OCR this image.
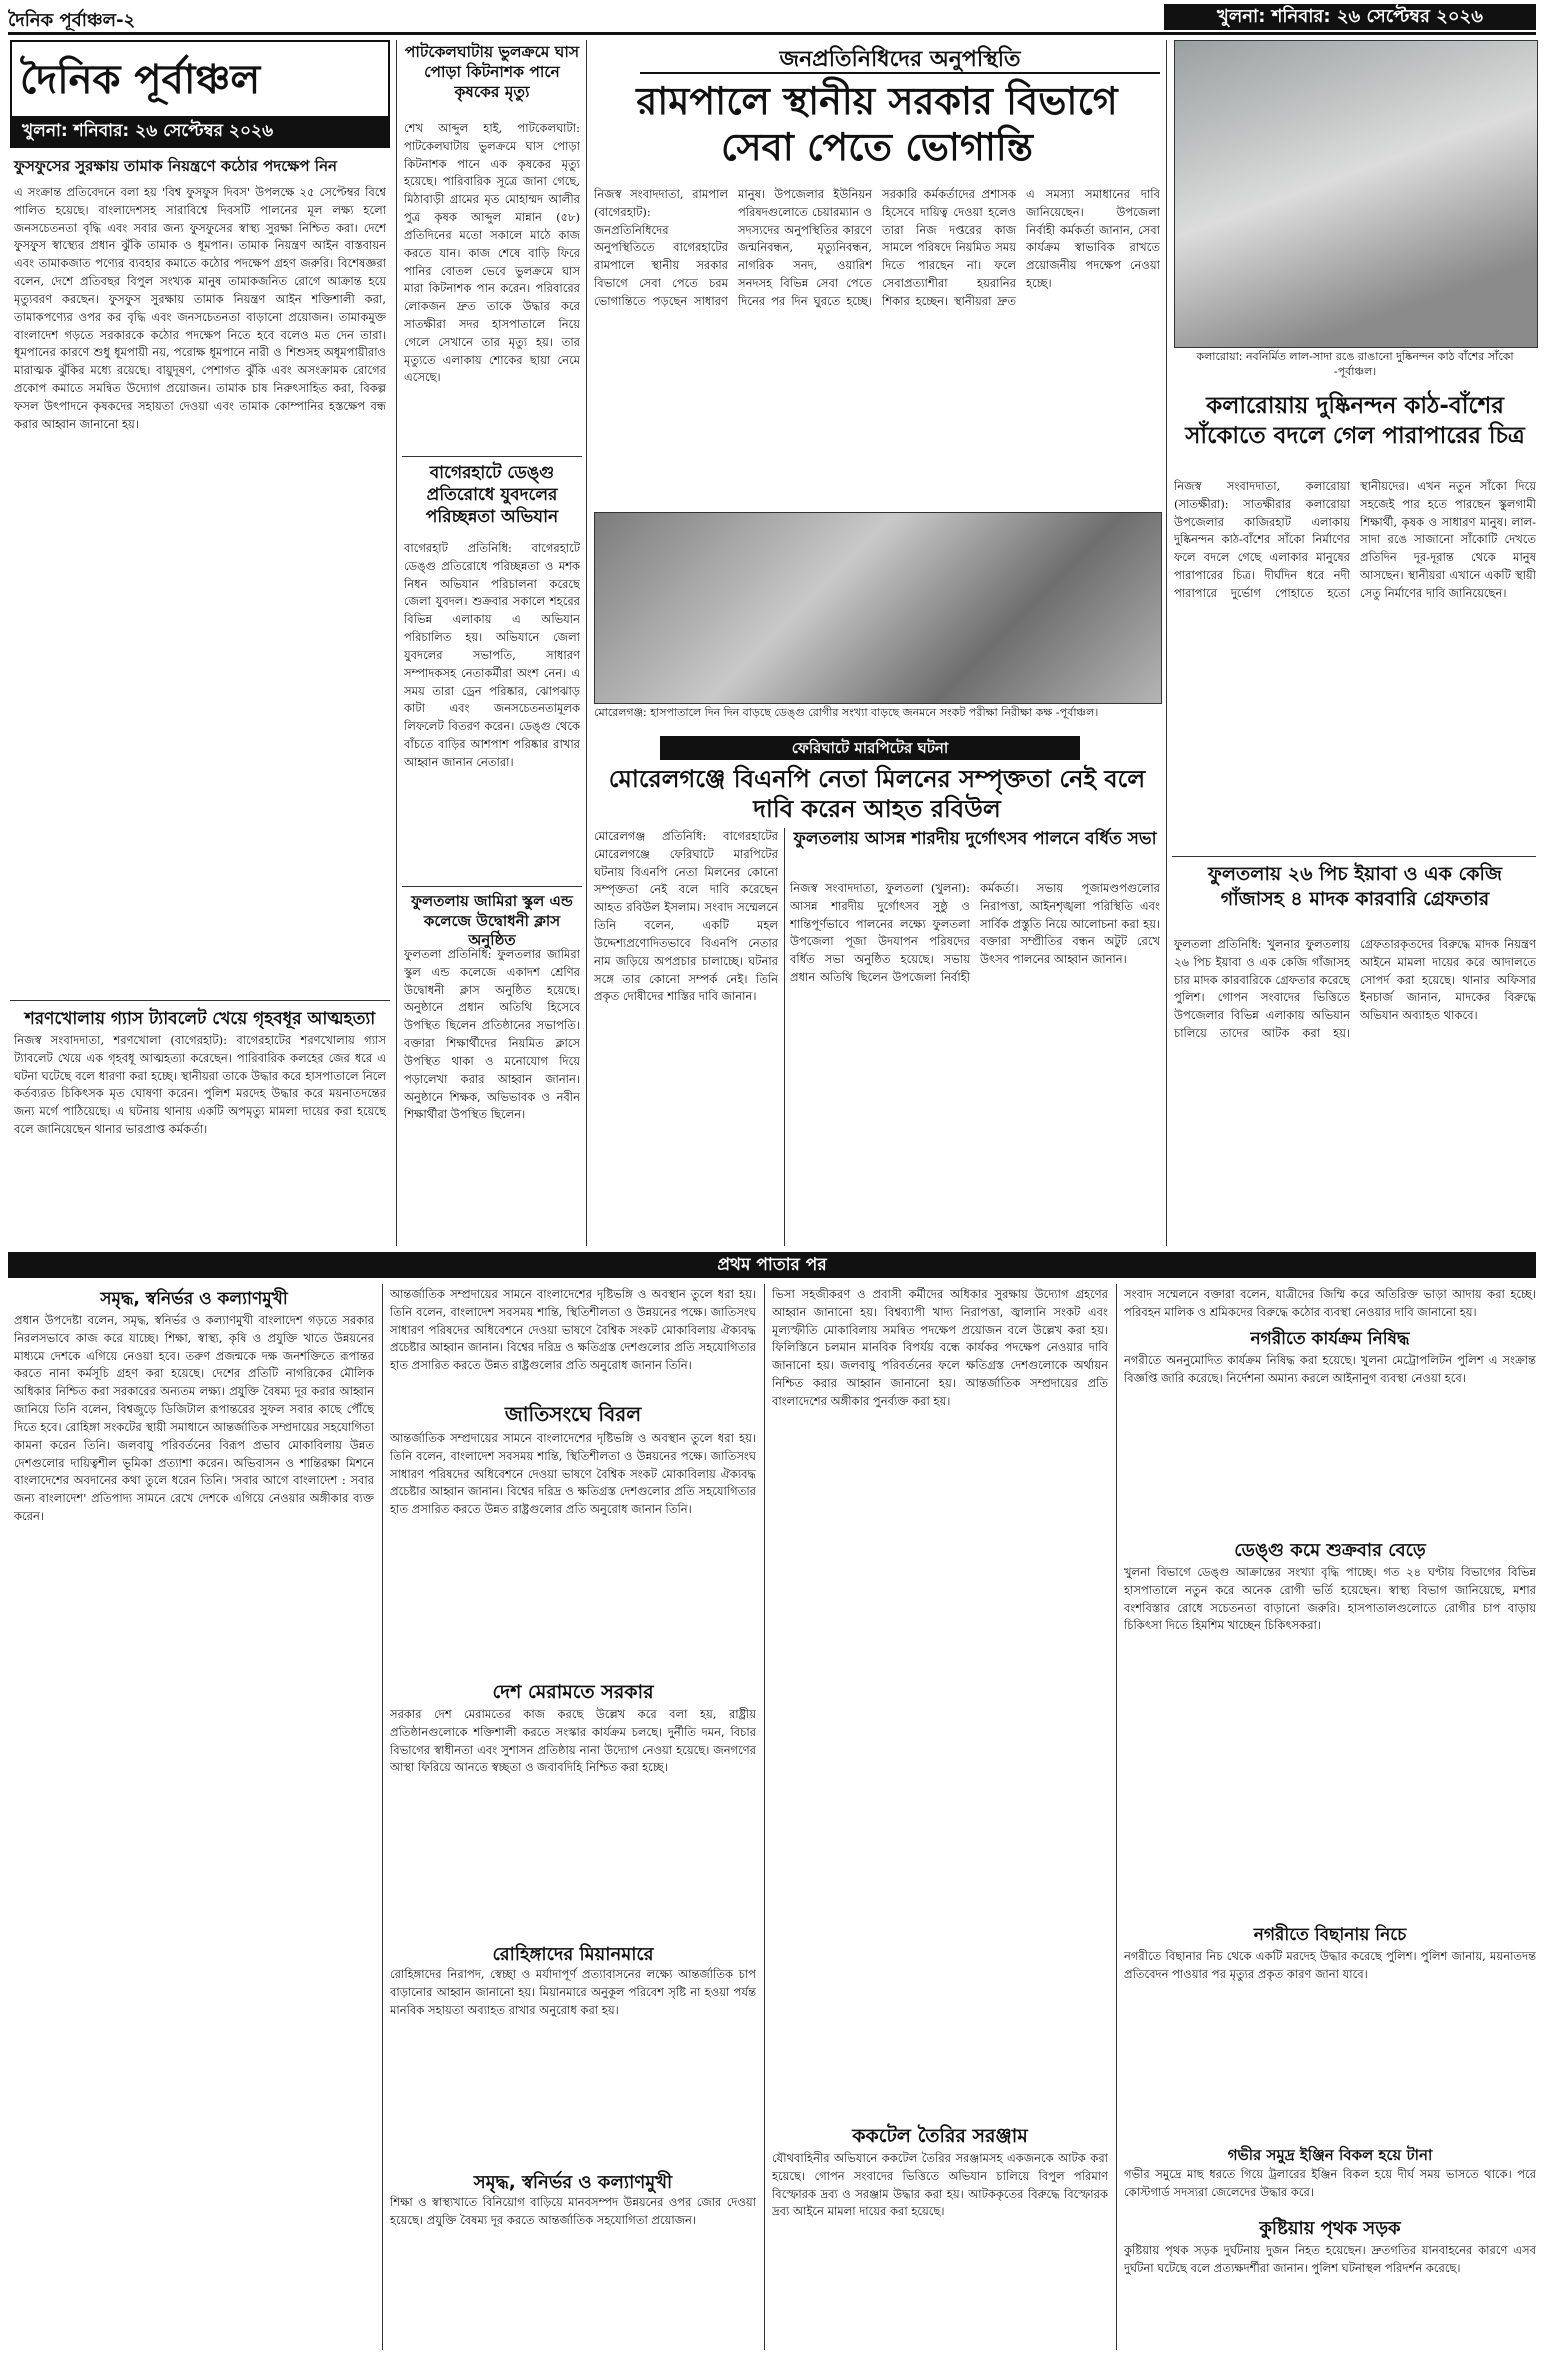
দৈনিক পূর্বাঞ্চল-২	খুলনা: শনিবার: ২৬ সেপ্টেম্বর ২০২৬
দৈনিক পূর্বাঞ্চল
খুলনা: শনিবার: ২৬ সেপ্টেম্বর ২০২৬
ফুসফুসের সুরক্ষায় তামাক নিয়ন্ত্রণে কঠোর পদক্ষেপ নিন
এ সংক্রান্ত প্রতিবেদনে বলা হয় 'বিশ্ব ফুসফুস দিবস' উপলক্ষে ২৫ সেপ্টেম্বর বিশ্বে পালিত হয়েছে। বাংলাদেশসহ সারাবিশ্বে দিবসটি পালনের মূল লক্ষ্য হলো জনসচেতনতা বৃদ্ধি এবং সবার জন্য ফুসফুসের স্বাস্থ্য সুরক্ষা নিশ্চিত করা। দেশে ফুসফুস স্বাস্থ্যের প্রধান ঝুঁকি তামাক ও ধূমপান। তামাক নিয়ন্ত্রণ আইন বাস্তবায়ন এবং তামাকজাত পণ্যের ব্যবহার কমাতে কঠোর পদক্ষেপ গ্রহণ জরুরি। বিশেষজ্ঞরা বলেন, দেশে প্রতিবছর বিপুল সংখ্যক মানুষ তামাকজনিত রোগে আক্রান্ত হয়ে মৃত্যুবরণ করছেন। ফুসফুস সুরক্ষায় তামাক নিয়ন্ত্রণ আইন শক্তিশালী করা, তামাকপণ্যের ওপর কর বৃদ্ধি এবং জনসচেতনতা বাড়ানো প্রয়োজন। তামাকমুক্ত বাংলাদেশ গড়তে সরকারকে কঠোর পদক্ষেপ নিতে হবে বলেও মত দেন তারা। ধূমপানের কারণে শুধু ধূমপায়ী নয়, পরোক্ষ ধূমপানে নারী ও শিশুসহ অধূমপায়ীরাও মারাত্মক ঝুঁকির মধ্যে রয়েছে। বায়ুদূষণ, পেশাগত ঝুঁকি এবং অসংক্রামক রোগের প্রকোপ কমাতে সমন্বিত উদ্যোগ প্রয়োজন। তামাক চাষ নিরুৎসাহিত করা, বিকল্প ফসল উৎপাদনে কৃষকদের সহায়তা দেওয়া এবং তামাক কোম্পানির হস্তক্ষেপ বন্ধ করার আহ্বান জানানো হয়।
শরণখোলায় গ্যাস ট্যাবলেট খেয়ে গৃহবধূর আত্মহত্যা
নিজস্ব সংবাদদাতা, শরণখোলা (বাগেরহাট): বাগেরহাটের শরণখোলায় গ্যাস ট্যাবলেট খেয়ে এক গৃহবধূ আত্মহত্যা করেছেন। পারিবারিক কলহের জের ধরে এ ঘটনা ঘটেছে বলে ধারণা করা হচ্ছে। স্থানীয়রা তাকে উদ্ধার করে হাসপাতালে নিলে কর্তব্যরত চিকিৎসক মৃত ঘোষণা করেন। পুলিশ মরদেহ উদ্ধার করে ময়নাতদন্তের জন্য মর্গে পাঠিয়েছে। এ ঘটনায় থানায় একটি অপমৃত্যু মামলা দায়ের করা হয়েছে বলে জানিয়েছেন থানার ভারপ্রাপ্ত কর্মকর্তা।
পাটকেলঘাটায় ভুলক্রমে ঘাস পোড়া কিটনাশক পানে কৃষকের মৃত্যু
শেখ আব্দুল হাই, পাটকেলঘাটা: পাটকেলঘাটায় ভুলক্রমে ঘাস পোড়া কিটনাশক পানে এক কৃষকের মৃত্যু হয়েছে। পারিবারিক সূত্রে জানা গেছে, মিঠাবাড়ী গ্রামের মৃত মোহাম্মদ আলীর পুত্র কৃষক আব্দুল মান্নান (৫৮) প্রতিদিনের মতো সকালে মাঠে কাজ করতে যান। কাজ শেষে বাড়ি ফিরে পানির বোতল ভেবে ভুলক্রমে ঘাস মারা কিটনাশক পান করেন। পরিবারের লোকজন দ্রুত তাকে উদ্ধার করে সাতক্ষীরা সদর হাসপাতালে নিয়ে গেলে সেখানে তার মৃত্যু হয়। তার মৃত্যুতে এলাকায় শোকের ছায়া নেমে এসেছে।
বাগেরহাটে ডেঙ্গু প্রতিরোধে যুবদলের পরিচ্ছন্নতা অভিযান
বাগেরহাট প্রতিনিধি: বাগেরহাটে ডেঙ্গু প্রতিরোধে পরিচ্ছন্নতা ও মশক নিধন অভিযান পরিচালনা করেছে জেলা যুবদল। শুক্রবার সকালে শহরের বিভিন্ন এলাকায় এ অভিযান পরিচালিত হয়। অভিযানে জেলা যুবদলের সভাপতি, সাধারণ সম্পাদকসহ নেতাকর্মীরা অংশ নেন। এ সময় তারা ড্রেন পরিষ্কার, ঝোপঝাড় কাটা এবং জনসচেতনতামূলক লিফলেট বিতরণ করেন। ডেঙ্গু থেকে বাঁচতে বাড়ির আশপাশ পরিষ্কার রাখার আহ্বান জানান নেতারা।
ফুলতলায় জামিরা স্কুল এন্ড কলেজে উদ্বোধনী ক্লাস অনুষ্ঠিত
ফুলতলা প্রতিনিধি: ফুলতলার জামিরা স্কুল এন্ড কলেজে একাদশ শ্রেণির উদ্বোধনী ক্লাস অনুষ্ঠিত হয়েছে। অনুষ্ঠানে প্রধান অতিথি হিসেবে উপস্থিত ছিলেন প্রতিষ্ঠানের সভাপতি। বক্তারা শিক্ষার্থীদের নিয়মিত ক্লাসে উপস্থিত থাকা ও মনোযোগ দিয়ে পড়ালেখা করার আহ্বান জানান। অনুষ্ঠানে শিক্ষক, অভিভাবক ও নবীন শিক্ষার্থীরা উপস্থিত ছিলেন।
জনপ্রতিনিধিদের অনুপস্থিতি
রামপালে স্থানীয় সরকার বিভাগে সেবা পেতে ভোগান্তি
নিজস্ব সংবাদদাতা, রামপাল (বাগেরহাট): জনপ্রতিনিধিদের অনুপস্থিতিতে বাগেরহাটের রামপালে স্থানীয় সরকার বিভাগে সেবা পেতে চরম ভোগান্তিতে পড়ছেন সাধারণ মানুষ। উপজেলার ইউনিয়ন পরিষদগুলোতে চেয়ারম্যান ও সদস্যদের অনুপস্থিতির কারণে জন্মনিবন্ধন, মৃত্যুনিবন্ধন, নাগরিক সনদ, ওয়ারিশ সনদসহ বিভিন্ন সেবা পেতে দিনের পর দিন ঘুরতে হচ্ছে। সরকারি কর্মকর্তাদের প্রশাসক হিসেবে দায়িত্ব দেওয়া হলেও তারা নিজ দপ্তরের কাজ সামলে পরিষদে নিয়মিত সময় দিতে পারছেন না। ফলে সেবাপ্রত্যাশীরা হয়রানির শিকার হচ্ছেন। স্থানীয়রা দ্রুত এ সমস্যা সমাধানের দাবি জানিয়েছেন। উপজেলা নির্বাহী কর্মকর্তা জানান, সেবা কার্যক্রম স্বাভাবিক রাখতে প্রয়োজনীয় পদক্ষেপ নেওয়া হচ্ছে।
মোরেলগঞ্জ: হাসপাতালে দিন দিন বাড়ছে ডেঙ্গু রোগীর সংখ্যা বাড়ছে জনমনে সংকট পরীক্ষা নিরীক্ষা কক্ষ -পূর্বাঞ্চল।
ফেরিঘাটে মারপিটের ঘটনা
মোরেলগঞ্জে বিএনপি নেতা মিলনের সম্পৃক্ততা নেই বলে দাবি করেন আহত রবিউল
মোরেলগঞ্জ প্রতিনিধি: বাগেরহাটের মোরেলগঞ্জে ফেরিঘাটে মারপিটের ঘটনায় বিএনপি নেতা মিলনের কোনো সম্পৃক্ততা নেই বলে দাবি করেছেন আহত রবিউল ইসলাম। সংবাদ সম্মেলনে তিনি বলেন, একটি মহল উদ্দেশ্যপ্রণোদিতভাবে বিএনপি নেতার নাম জড়িয়ে অপপ্রচার চালাচ্ছে। ঘটনার সঙ্গে তার কোনো সম্পর্ক নেই। তিনি প্রকৃত দোষীদের শাস্তির দাবি জানান।
ফুলতলায় আসন্ন শারদীয় দুর্গোৎসব পালনে বর্ধিত সভা
নিজস্ব সংবাদদাতা, ফুলতলা (খুলনা): আসন্ন শারদীয় দুর্গোৎসব সুষ্ঠু ও শান্তিপূর্ণভাবে পালনের লক্ষ্যে ফুলতলা উপজেলা পূজা উদযাপন পরিষদের বর্ধিত সভা অনুষ্ঠিত হয়েছে। সভায় প্রধান অতিথি ছিলেন উপজেলা নির্বাহী কর্মকর্তা। সভায় পূজামণ্ডপগুলোর নিরাপত্তা, আইনশৃঙ্খলা পরিস্থিতি এবং সার্বিক প্রস্তুতি নিয়ে আলোচনা করা হয়। বক্তারা সম্প্রীতির বন্ধন অটুট রেখে উৎসব পালনের আহ্বান জানান।
কলারোয়া: নবনির্মিত লাল-সাদা রঙে রাঙানো দুষ্কিনন্দন কাঠ বাঁশের সাঁকো -পূর্বাঞ্চল।
কলারোয়ায় দুষ্কিনন্দন কাঠ-বাঁশের সাঁকোতে বদলে গেল পারাপারের চিত্র
নিজস্ব সংবাদদাতা, কলারোয়া (সাতক্ষীরা): সাতক্ষীরার কলারোয়া উপজেলার কাজিরহাট এলাকায় দুষ্কিনন্দন কাঠ-বাঁশের সাঁকো নির্মাণের ফলে বদলে গেছে এলাকার মানুষের পারাপারের চিত্র। দীর্ঘদিন ধরে নদী পারাপারে দুর্ভোগ পোহাতে হতো স্থানীয়দের। এখন নতুন সাঁকো দিয়ে সহজেই পার হতে পারছেন স্কুলগামী শিক্ষার্থী, কৃষক ও সাধারণ মানুষ। লাল-সাদা রঙে সাজানো সাঁকোটি দেখতে প্রতিদিন দূর-দূরান্ত থেকে মানুষ আসছেন। স্থানীয়রা এখানে একটি স্থায়ী সেতু নির্মাণের দাবি জানিয়েছেন।
ফুলতলায় ২৬ পিচ ইয়াবা ও এক কেজি গাঁজাসহ ৪ মাদক কারবারি গ্রেফতার
ফুলতলা প্রতিনিধি: খুলনার ফুলতলায় ২৬ পিচ ইয়াবা ও এক কেজি গাঁজাসহ চার মাদক কারবারিকে গ্রেফতার করেছে পুলিশ। গোপন সংবাদের ভিত্তিতে উপজেলার বিভিন্ন এলাকায় অভিযান চালিয়ে তাদের আটক করা হয়। গ্রেফতারকৃতদের বিরুদ্ধে মাদক নিয়ন্ত্রণ আইনে মামলা দায়ের করে আদালতে সোপর্দ করা হয়েছে। থানার অফিসার ইনচার্জ জানান, মাদকের বিরুদ্ধে অভিযান অব্যাহত থাকবে।
প্রথম পাতার পর
সমৃদ্ধ, স্বনির্ভর ও কল্যাণমুখী
প্রধান উপদেষ্টা বলেন, সমৃদ্ধ, স্বনির্ভর ও কল্যাণমুখী বাংলাদেশ গড়তে সরকার নিরলসভাবে কাজ করে যাচ্ছে। শিক্ষা, স্বাস্থ্য, কৃষি ও প্রযুক্তি খাতে উন্নয়নের মাধ্যমে দেশকে এগিয়ে নেওয়া হবে। তরুণ প্রজন্মকে দক্ষ জনশক্তিতে রূপান্তর করতে নানা কর্মসূচি গ্রহণ করা হয়েছে। দেশের প্রতিটি নাগরিকের মৌলিক অধিকার নিশ্চিত করা সরকারের অন্যতম লক্ষ্য। প্রযুক্তি বৈষম্য দূর করার আহ্বান জানিয়ে তিনি বলেন, বিশ্বজুড়ে ডিজিটাল রূপান্তরের সুফল সবার কাছে পৌঁছে দিতে হবে। রোহিঙ্গা সংকটের স্থায়ী সমাধানে আন্তর্জাতিক সম্প্রদায়ের সহযোগিতা কামনা করেন তিনি। জলবায়ু পরিবর্তনের বিরূপ প্রভাব মোকাবিলায় উন্নত দেশগুলোর দায়িত্বশীল ভূমিকা প্রত্যাশা করেন। অভিবাসন ও শান্তিরক্ষা মিশনে বাংলাদেশের অবদানের কথা তুলে ধরেন তিনি। 'সবার আগে বাংলাদেশ : সবার জন্য বাংলাদেশ' প্রতিপাদ্য সামনে রেখে দেশকে এগিয়ে নেওয়ার অঙ্গীকার ব্যক্ত করেন।
আন্তর্জাতিক সম্প্রদায়ের সামনে বাংলাদেশের দৃষ্টিভঙ্গি ও অবস্থান তুলে ধরা হয়। তিনি বলেন, বাংলাদেশ সবসময় শান্তি, স্থিতিশীলতা ও উন্নয়নের পক্ষে। জাতিসংঘ সাধারণ পরিষদের অধিবেশনে দেওয়া ভাষণে বৈশ্বিক সংকট মোকাবিলায় ঐক্যবদ্ধ প্রচেষ্টার আহ্বান জানান। বিশ্বের দরিদ্র ও ক্ষতিগ্রস্ত দেশগুলোর প্রতি সহযোগিতার হাত প্রসারিত করতে উন্নত রাষ্ট্রগুলোর প্রতি অনুরোধ জানান তিনি।
জাতিসংঘে বিরল
আন্তর্জাতিক সম্প্রদায়ের সামনে বাংলাদেশের দৃষ্টিভঙ্গি ও অবস্থান তুলে ধরা হয়। তিনি বলেন, বাংলাদেশ সবসময় শান্তি, স্থিতিশীলতা ও উন্নয়নের পক্ষে। জাতিসংঘ সাধারণ পরিষদের অধিবেশনে দেওয়া ভাষণে বৈশ্বিক সংকট মোকাবিলায় ঐক্যবদ্ধ প্রচেষ্টার আহ্বান জানান। বিশ্বের দরিদ্র ও ক্ষতিগ্রস্ত দেশগুলোর প্রতি সহযোগিতার হাত প্রসারিত করতে উন্নত রাষ্ট্রগুলোর প্রতি অনুরোধ জানান তিনি।
দেশ মেরামতে সরকার
সরকার দেশ মেরামতের কাজ করছে উল্লেখ করে বলা হয়, রাষ্ট্রীয় প্রতিষ্ঠানগুলোকে শক্তিশালী করতে সংস্কার কার্যক্রম চলছে। দুর্নীতি দমন, বিচার বিভাগের স্বাধীনতা এবং সুশাসন প্রতিষ্ঠায় নানা উদ্যোগ নেওয়া হয়েছে। জনগণের আস্থা ফিরিয়ে আনতে স্বচ্ছতা ও জবাবদিহি নিশ্চিত করা হচ্ছে।
রোহিঙ্গাদের মিয়ানমারে
রোহিঙ্গাদের নিরাপদ, স্বেচ্ছা ও মর্যাদাপূর্ণ প্রত্যাবাসনের লক্ষ্যে আন্তর্জাতিক চাপ বাড়ানোর আহ্বান জানানো হয়। মিয়ানমারে অনুকূল পরিবেশ সৃষ্টি না হওয়া পর্যন্ত মানবিক সহায়তা অব্যাহত রাখার অনুরোধ করা হয়।
সমৃদ্ধ, স্বনির্ভর ও কল্যাণমুখী
শিক্ষা ও স্বাস্থ্যখাতে বিনিয়োগ বাড়িয়ে মানবসম্পদ উন্নয়নের ওপর জোর দেওয়া হয়েছে। প্রযুক্তি বৈষম্য দূর করতে আন্তর্জাতিক সহযোগিতা প্রয়োজন।
ভিসা সহজীকরণ ও প্রবাসী কর্মীদের অধিকার সুরক্ষায় উদ্যোগ গ্রহণের আহ্বান জানানো হয়। বিশ্বব্যাপী খাদ্য নিরাপত্তা, জ্বালানি সংকট এবং মূল্যস্ফীতি মোকাবিলায় সমন্বিত পদক্ষেপ প্রয়োজন বলে উল্লেখ করা হয়। ফিলিস্তিনে চলমান মানবিক বিপর্যয় বন্ধে কার্যকর পদক্ষেপ নেওয়ার দাবি জানানো হয়। জলবায়ু পরিবর্তনের ফলে ক্ষতিগ্রস্ত দেশগুলোকে অর্থায়ন নিশ্চিত করার আহ্বান জানানো হয়। আন্তর্জাতিক সম্প্রদায়ের প্রতি বাংলাদেশের অঙ্গীকার পুনর্ব্যক্ত করা হয়।
ককটেল তৈরির সরঞ্জাম
যৌথবাহিনীর অভিযানে ককটেল তৈরির সরঞ্জামসহ একজনকে আটক করা হয়েছে। গোপন সংবাদের ভিত্তিতে অভিযান চালিয়ে বিপুল পরিমাণ বিস্ফোরক দ্রব্য ও সরঞ্জাম উদ্ধার করা হয়। আটককৃতের বিরুদ্ধে বিস্ফোরক দ্রব্য আইনে মামলা দায়ের করা হয়েছে।
সংবাদ সম্মেলনে বক্তারা বলেন, যাত্রীদের জিম্মি করে অতিরিক্ত ভাড়া আদায় করা হচ্ছে। পরিবহন মালিক ও শ্রমিকদের বিরুদ্ধে কঠোর ব্যবস্থা নেওয়ার দাবি জানানো হয়।
নগরীতে কার্যক্রম নিষিদ্ধ
নগরীতে অননুমোদিত কার্যক্রম নিষিদ্ধ করা হয়েছে। খুলনা মেট্রোপলিটন পুলিশ এ সংক্রান্ত বিজ্ঞপ্তি জারি করেছে। নির্দেশনা অমান্য করলে আইনানুগ ব্যবস্থা নেওয়া হবে।
ডেঙ্গু কমে শুক্রবার বেড়ে
খুলনা বিভাগে ডেঙ্গু আক্রান্তের সংখ্যা বৃদ্ধি পাচ্ছে। গত ২৪ ঘণ্টায় বিভাগের বিভিন্ন হাসপাতালে নতুন করে অনেক রোগী ভর্তি হয়েছেন। স্বাস্থ্য বিভাগ জানিয়েছে, মশার বংশবিস্তার রোধে সচেতনতা বাড়ানো জরুরি। হাসপাতালগুলোতে রোগীর চাপ বাড়ায় চিকিৎসা দিতে হিমশিম খাচ্ছেন চিকিৎসকরা।
নগরীতে বিছানায় নিচে
নগরীতে বিছানার নিচ থেকে একটি মরদেহ উদ্ধার করেছে পুলিশ। পুলিশ জানায়, ময়নাতদন্ত প্রতিবেদন পাওয়ার পর মৃত্যুর প্রকৃত কারণ জানা যাবে।
গভীর সমুদ্র ইঞ্জিন বিকল হয়ে টানা
গভীর সমুদ্রে মাছ ধরতে গিয়ে ট্রলারের ইঞ্জিন বিকল হয়ে দীর্ঘ সময় ভাসতে থাকে। পরে কোস্টগার্ড সদস্যরা জেলেদের উদ্ধার করে।
কুষ্টিয়ায় পৃথক সড়ক
কুষ্টিয়ায় পৃথক সড়ক দুর্ঘটনায় দুজন নিহত হয়েছেন। দ্রুতগতির যানবাহনের কারণে এসব দুর্ঘটনা ঘটেছে বলে প্রত্যক্ষদর্শীরা জানান। পুলিশ ঘটনাস্থল পরিদর্শন করেছে।
